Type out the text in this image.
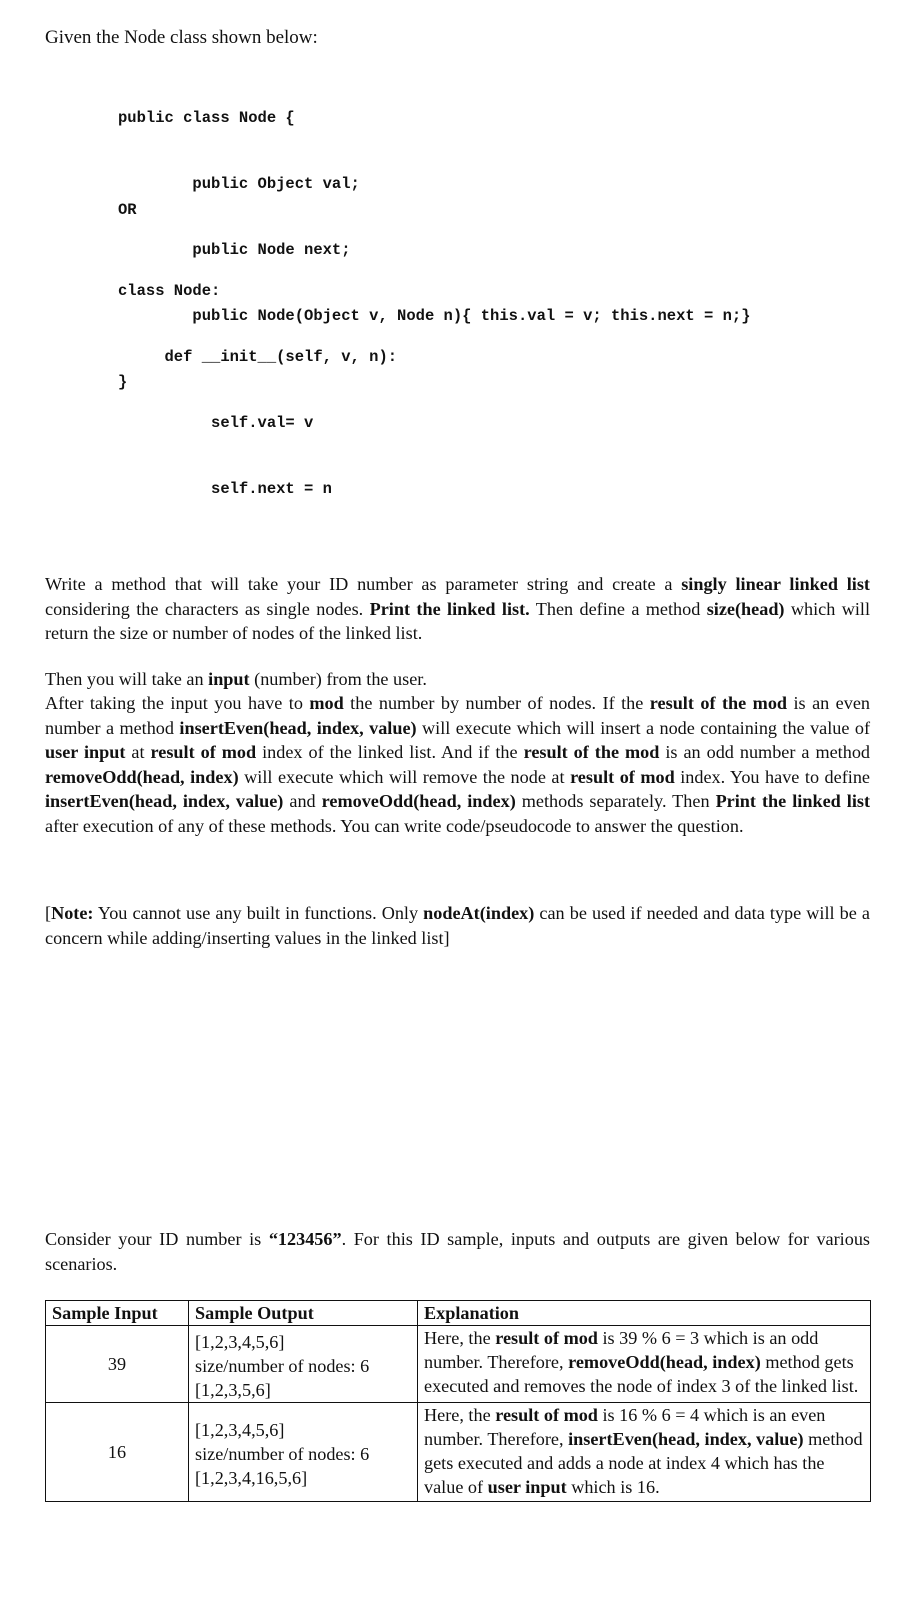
Given the Node class shown below:

public class Node {

public Object val;

public Node next;

public Node(Object v, Node n){ this.val = v; this.next = n;}

}

OR

class Node:

def __init__(self, v, n):

self.val= v

self.next = n

Write a method that will take your ID number as parameter string and create a singly linear linked list considering the characters as single nodes. Print the linked list. Then define a method size(head) which will return the size or number of nodes of the linked list.

Then you will take an input (number) from the user.

After taking the input you have to mod the number by number of nodes. If the result of the mod is an even number a method insertEven(head, index, value) will execute which will insert a node containing the value of user input at result of mod index of the linked list. And if the result of the mod is an odd number a method removeOdd(head, index) will execute which will remove the node at result of mod index. You have to define insertEven(head, index, value) and removeOdd(head, index) methods separately. Then Print the linked list after execution of any of these methods. You can write code/pseudocode to answer the question.

[Note: You cannot use any built in functions. Only nodeAt(index) can be used if needed and data type will be a concern while adding/inserting values in the linked list]

Consider your ID number is “123456”. For this ID sample, inputs and outputs are given below for various scenarios.

Sample Input	Sample Output	Explanation
39	[1,2,3,4,5,6]
size/number of nodes: 6
[1,2,3,5,6]	Here, the result of mod is 39 % 6 = 3 which is an odd number. Therefore, removeOdd(head, index) method gets executed and removes the node of index 3 of the linked list.
16	[1,2,3,4,5,6]
size/number of nodes: 6
[1,2,3,4,16,5,6]	Here, the result of mod is 16 % 6 = 4 which is an even number. Therefore, insertEven(head, index, value) method gets executed and adds a node at index 4 which has the value of user input which is 16.
